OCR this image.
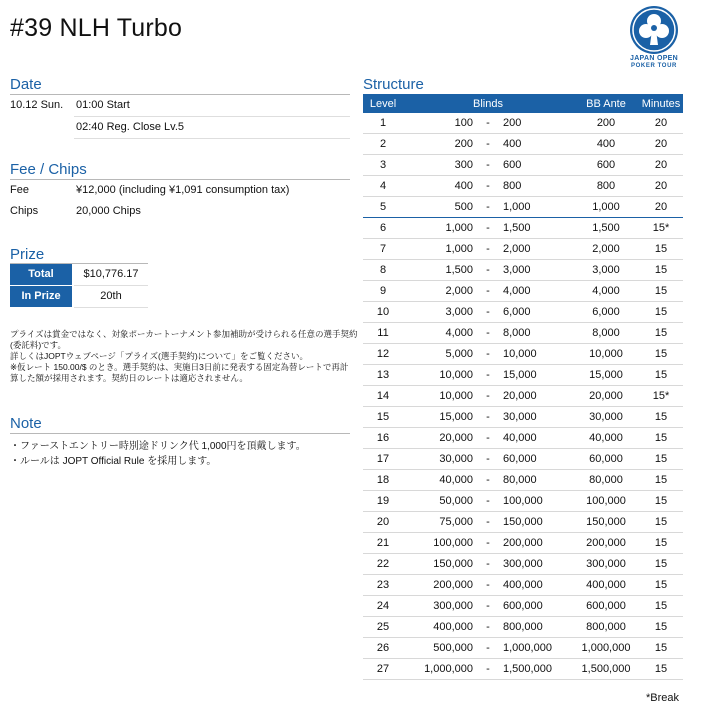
#39 NLH Turbo
JAPAN OPEN
POKER TOUR
Date
10.12 Sun. 01:00 Start
02:40 Reg. Close Lv.5
Fee / Chips
Fee	¥12,000 (including ¥1,091 consumption tax)
Chips	20,000 Chips
Prize
Total	$10,776.17
In Prize	20th
プライズは賞金ではなく、対象ポーカートーナメント参加補助が受けられる任意の選手契約
(委託料)です。
詳しくはJOPTウェブページ「プライズ(選手契約)について」をご覧ください。
※仮レート 150.00/$ のとき。選手契約は、実施日3日前に発表する固定為替レートで再計
算した額が採用されます。契約日のレートは適応されません。
Note
・ファーストエントリー時別途ドリンク代 1,000円を頂戴します。
・ルールは JOPT Official Rule を採用します。
Structure
Level	Blinds	BB Ante	Minutes
1	100 - 200	200	20
2	200 - 400	400	20
3	300 - 600	600	20
4	400 - 800	800	20
5	500 - 1,000	1,000	20
6	1,000 - 1,500	1,500	15*
7	1,000 - 2,000	2,000	15
8	1,500 - 3,000	3,000	15
9	2,000 - 4,000	4,000	15
10	3,000 - 6,000	6,000	15
11	4,000 - 8,000	8,000	15
12	5,000 - 10,000	10,000	15
13	10,000 - 15,000	15,000	15
14	10,000 - 20,000	20,000	15*
15	15,000 - 30,000	30,000	15
16	20,000 - 40,000	40,000	15
17	30,000 - 60,000	60,000	15
18	40,000 - 80,000	80,000	15
19	50,000 - 100,000	100,000	15
20	75,000 - 150,000	150,000	15
21	100,000 - 200,000	200,000	15
22	150,000 - 300,000	300,000	15
23	200,000 - 400,000	400,000	15
24	300,000 - 600,000	600,000	15
25	400,000 - 800,000	800,000	15
26	500,000 - 1,000,000	1,000,000	15
27	1,000,000 - 1,500,000	1,500,000	15
*Break
